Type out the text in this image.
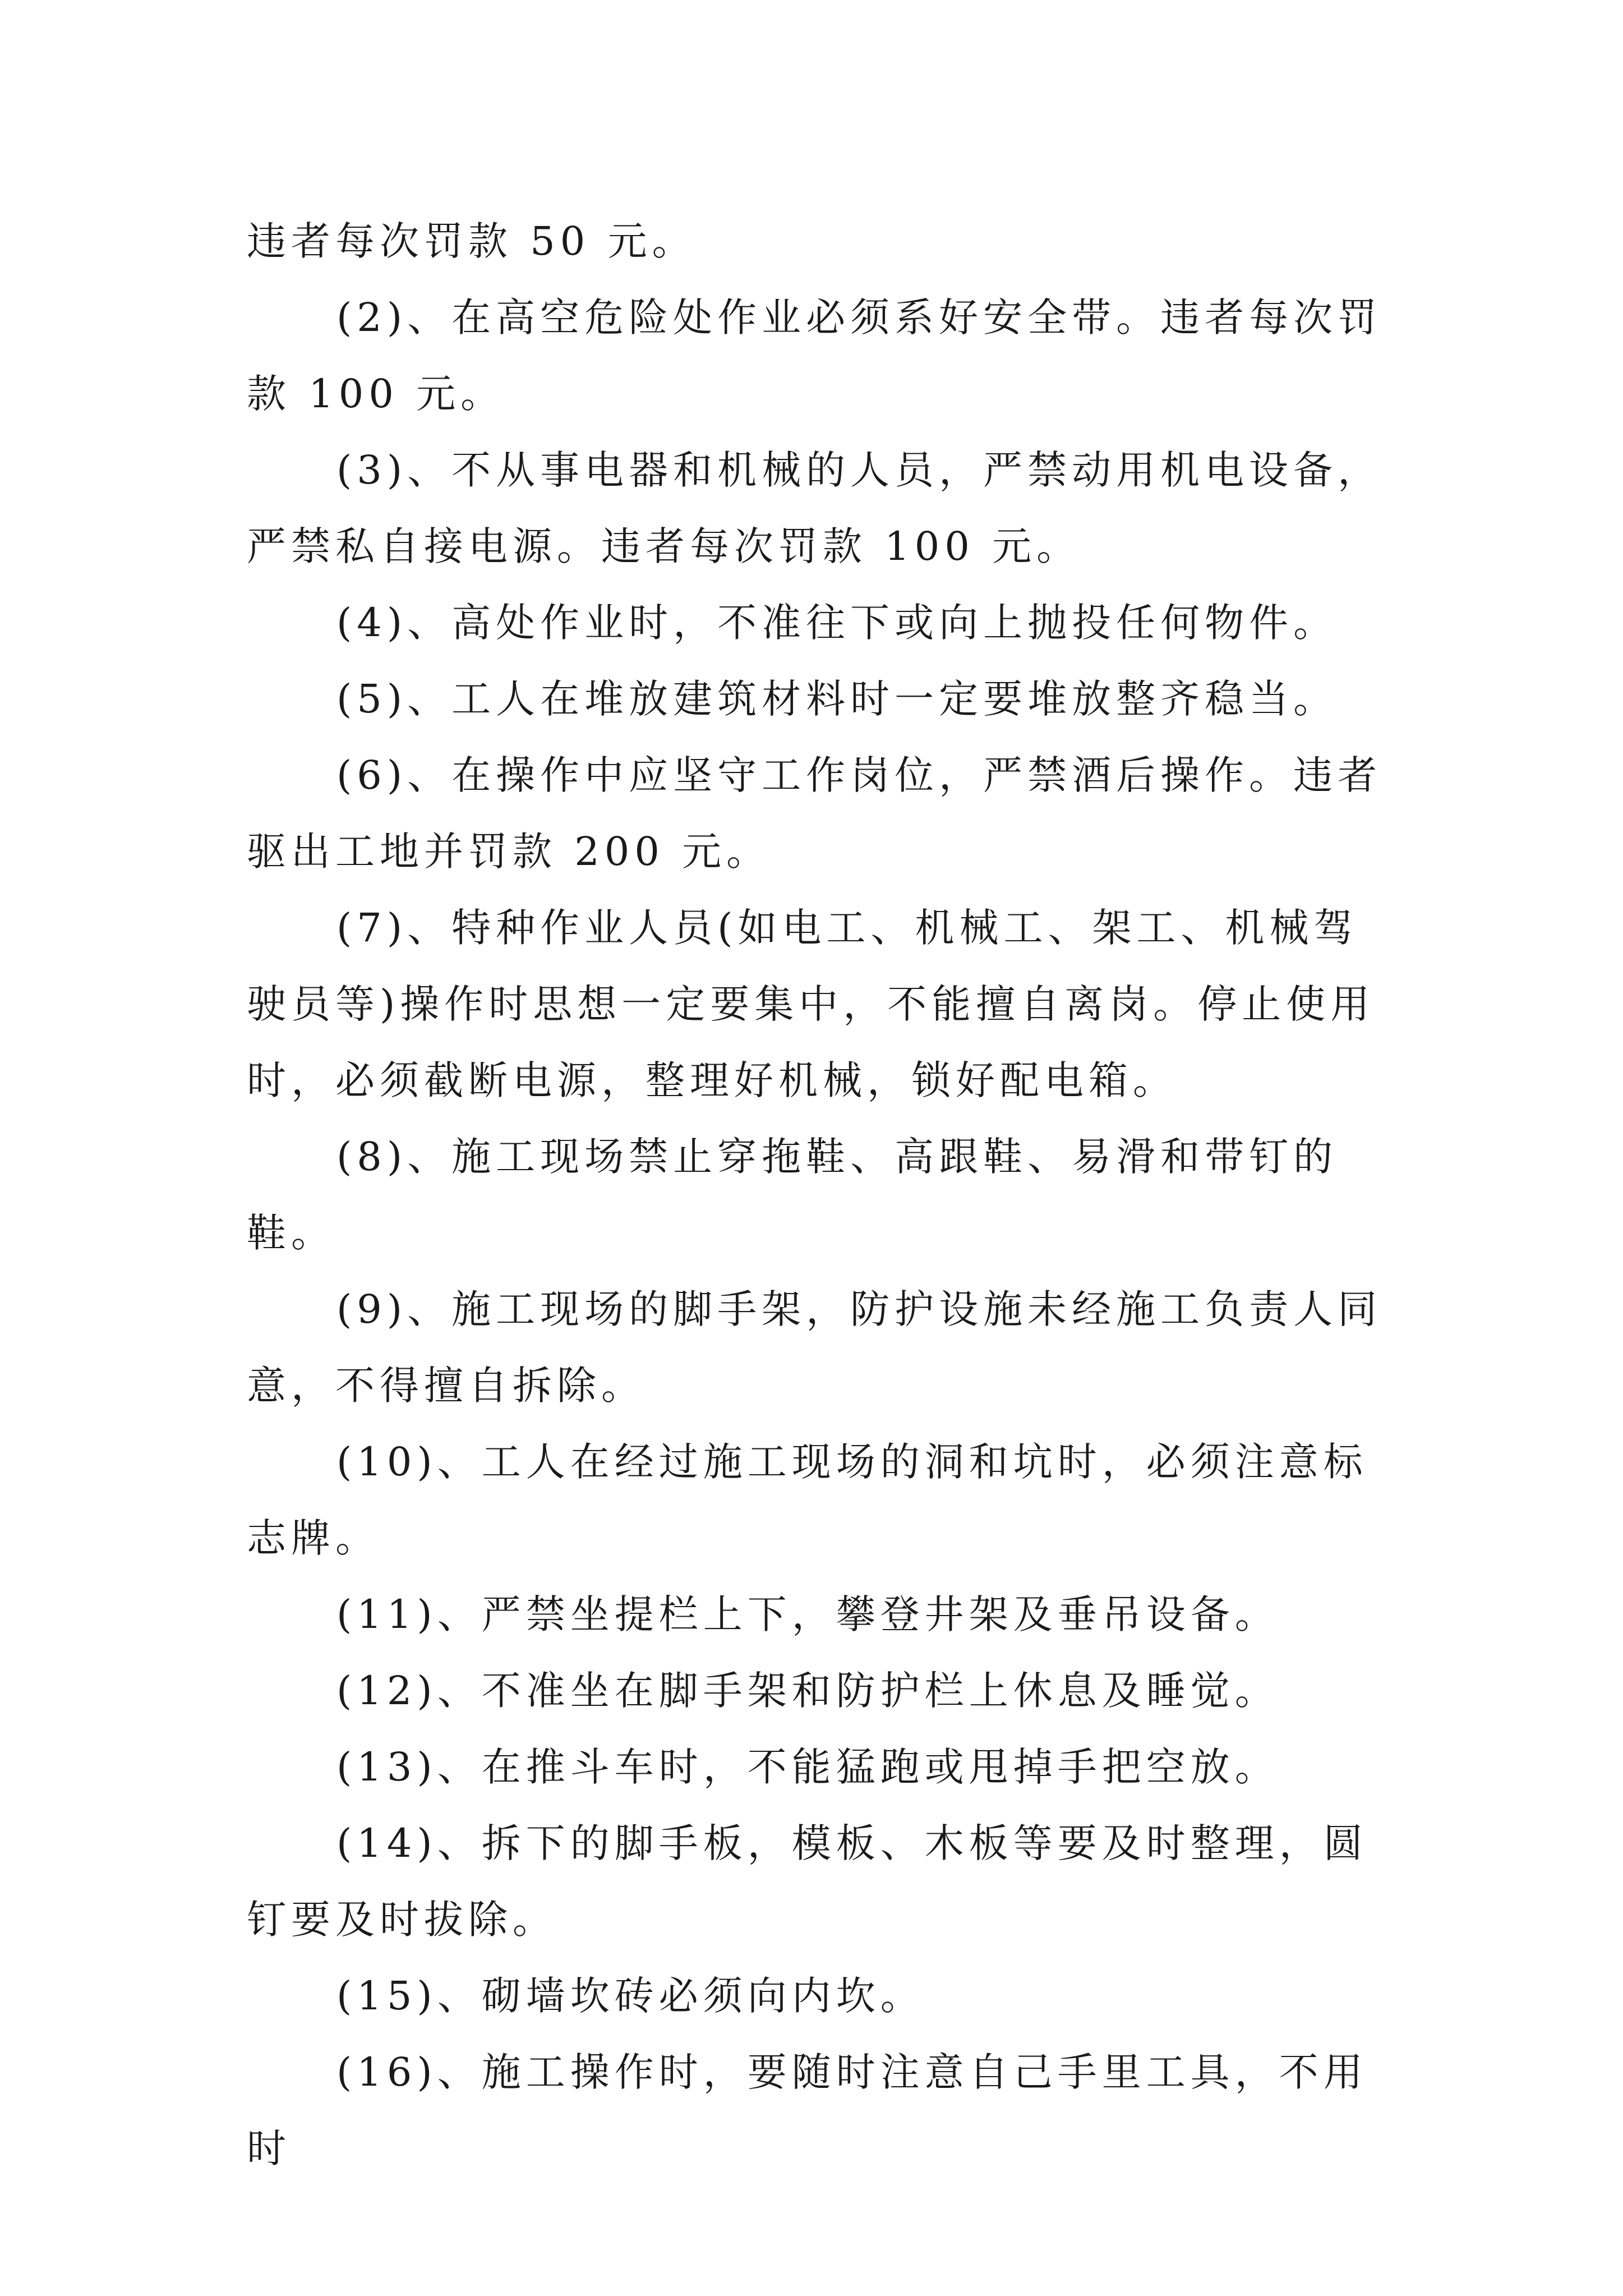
违者每次罚款 50 元。

(2)、在高空危险处作业必须系好安全带。违者每次罚款 100 元。

(3)、不从事电器和机械的人员，严禁动用机电设备，严禁私自接电源。违者每次罚款 100 元。

(4)、高处作业时，不准往下或向上抛投任何物件。

(5)、工人在堆放建筑材料时一定要堆放整齐稳当。

(6)、在操作中应坚守工作岗位，严禁酒后操作。违者驱出工地并罚款 200 元。

(7)、特种作业人员(如电工、机械工、架工、机械驾驶员等)操作时思想一定要集中，不能擅自离岗。停止使用时，必须截断电源，整理好机械，锁好配电箱。

(8)、施工现场禁止穿拖鞋、高跟鞋、易滑和带钉的鞋。

(9)、施工现场的脚手架，防护设施未经施工负责人同意，不得擅自拆除。

(10)、工人在经过施工现场的洞和坑时，必须注意标志牌。

(11)、严禁坐提栏上下，攀登井架及垂吊设备。

(12)、不准坐在脚手架和防护栏上休息及睡觉。

(13)、在推斗车时，不能猛跑或甩掉手把空放。

(14)、拆下的脚手板，模板、木板等要及时整理，圆钉要及时拔除。

(15)、砌墙坎砖必须向内坎。

(16)、施工操作时，要随时注意自己手里工具，不用时
